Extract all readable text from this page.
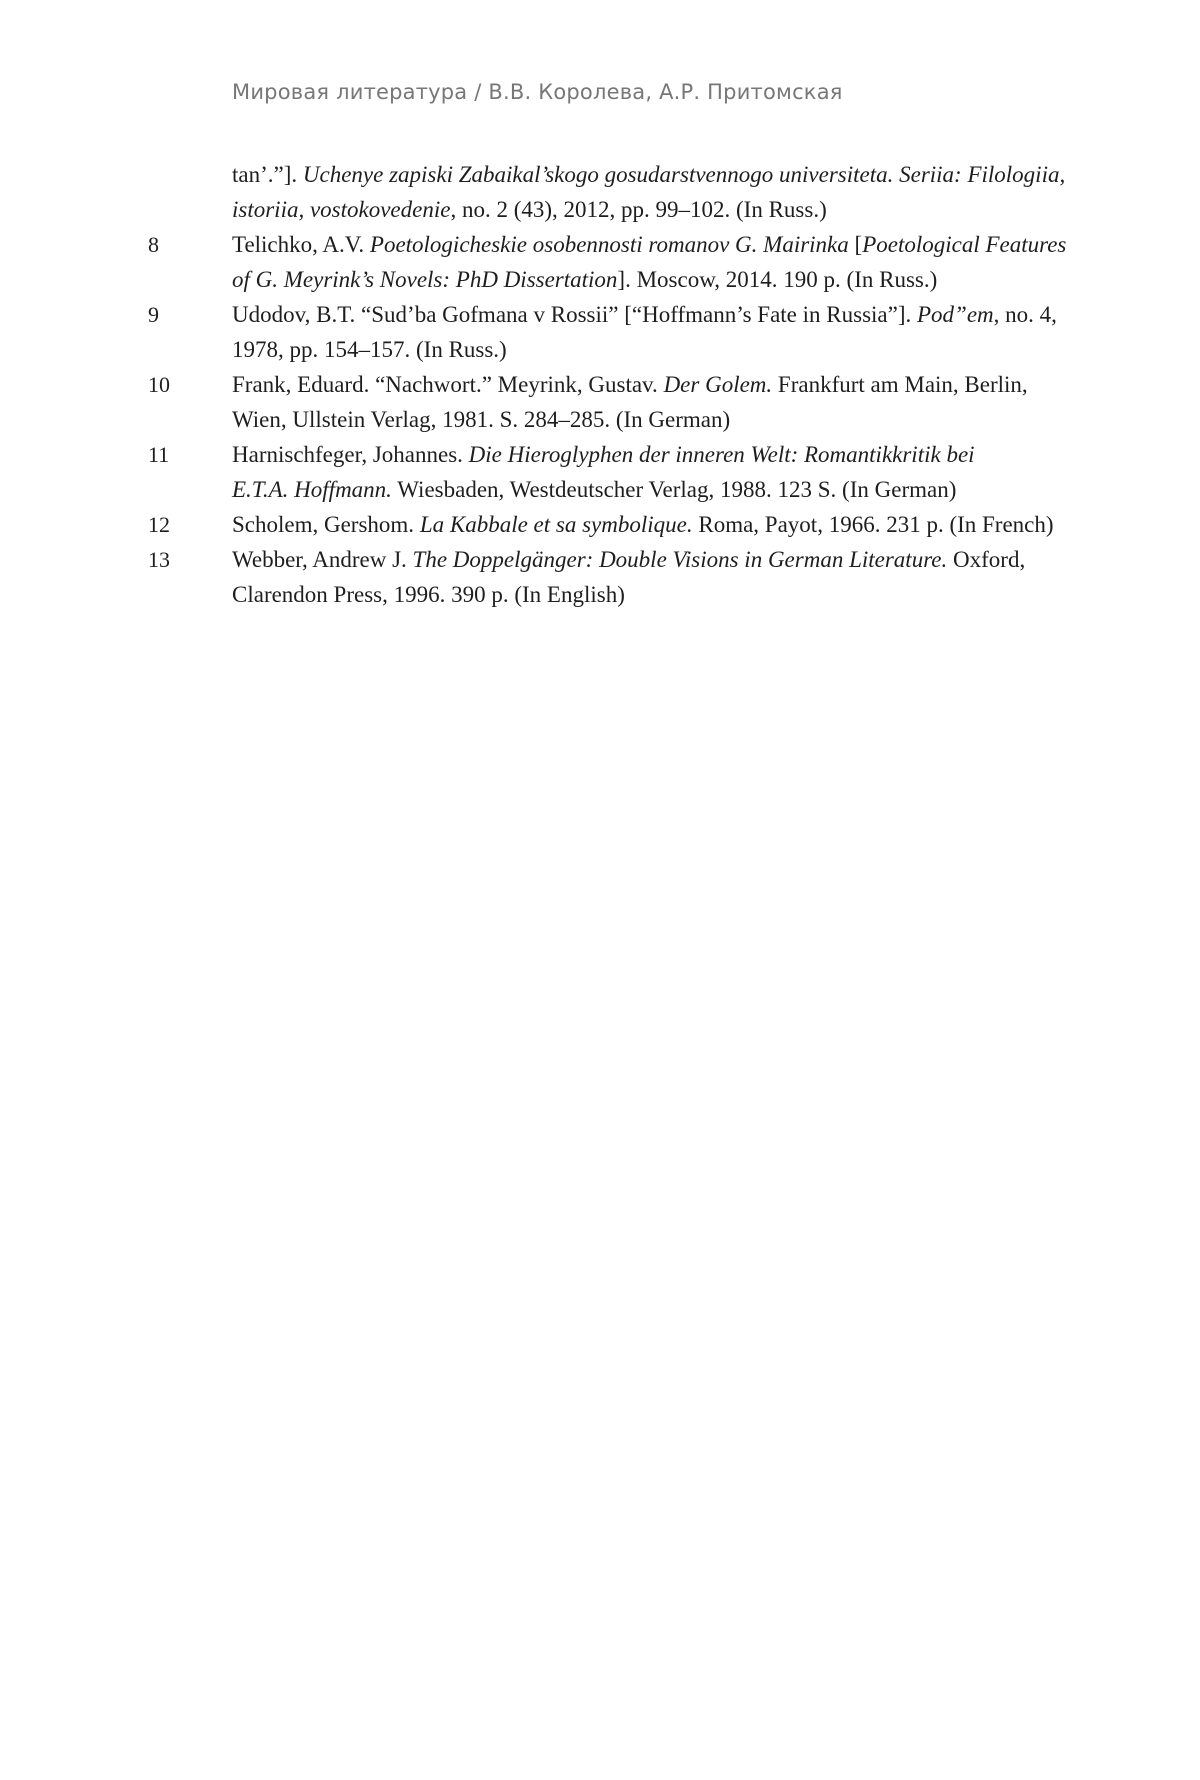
Мировая литература / В.В. Королева, А.Р. Притомская
tan’.”]. Uchenye zapiski Zabaikal’skogo gosudarstvennogo universiteta. Seriia: Filologiia,
istoriia, vostokovedenie, no. 2 (43), 2012, pp. 99–102. (In Russ.)
8	Telichko, A.V. Poetologicheskie osobennosti romanov G. Mairinka [Poetological Features
of G. Meyrink’s Novels: PhD Dissertation]. Moscow, 2014. 190 p. (In Russ.)
9	Udodov, B.T. “Sud’ba Gofmana v Rossii” [“Hoffmann’s Fate in Russia”]. Pod”em, no. 4,
1978, pp. 154–157. (In Russ.)
10	Frank, Eduard. “Nachwort.” Meyrink, Gustav. Der Golem. Frankfurt am Main, Berlin,
Wien, Ullstein Verlag, 1981. S. 284–285. (In German)
11	Harnischfeger, Johannes. Die Hieroglyphen der inneren Welt: Romantikkritik bei
E.T.A. Hoffmann. Wiesbaden, Westdeutscher Verlag, 1988. 123 S. (In German)
12	Scholem, Gershom. La Kabbale et sa symbolique. Roma, Payot, 1966. 231 p. (In French)
13	Webber, Andrew J. The Doppelgänger: Double Visions in German Literature. Oxford,
Clarendon Press, 1996. 390 p. (In English)
